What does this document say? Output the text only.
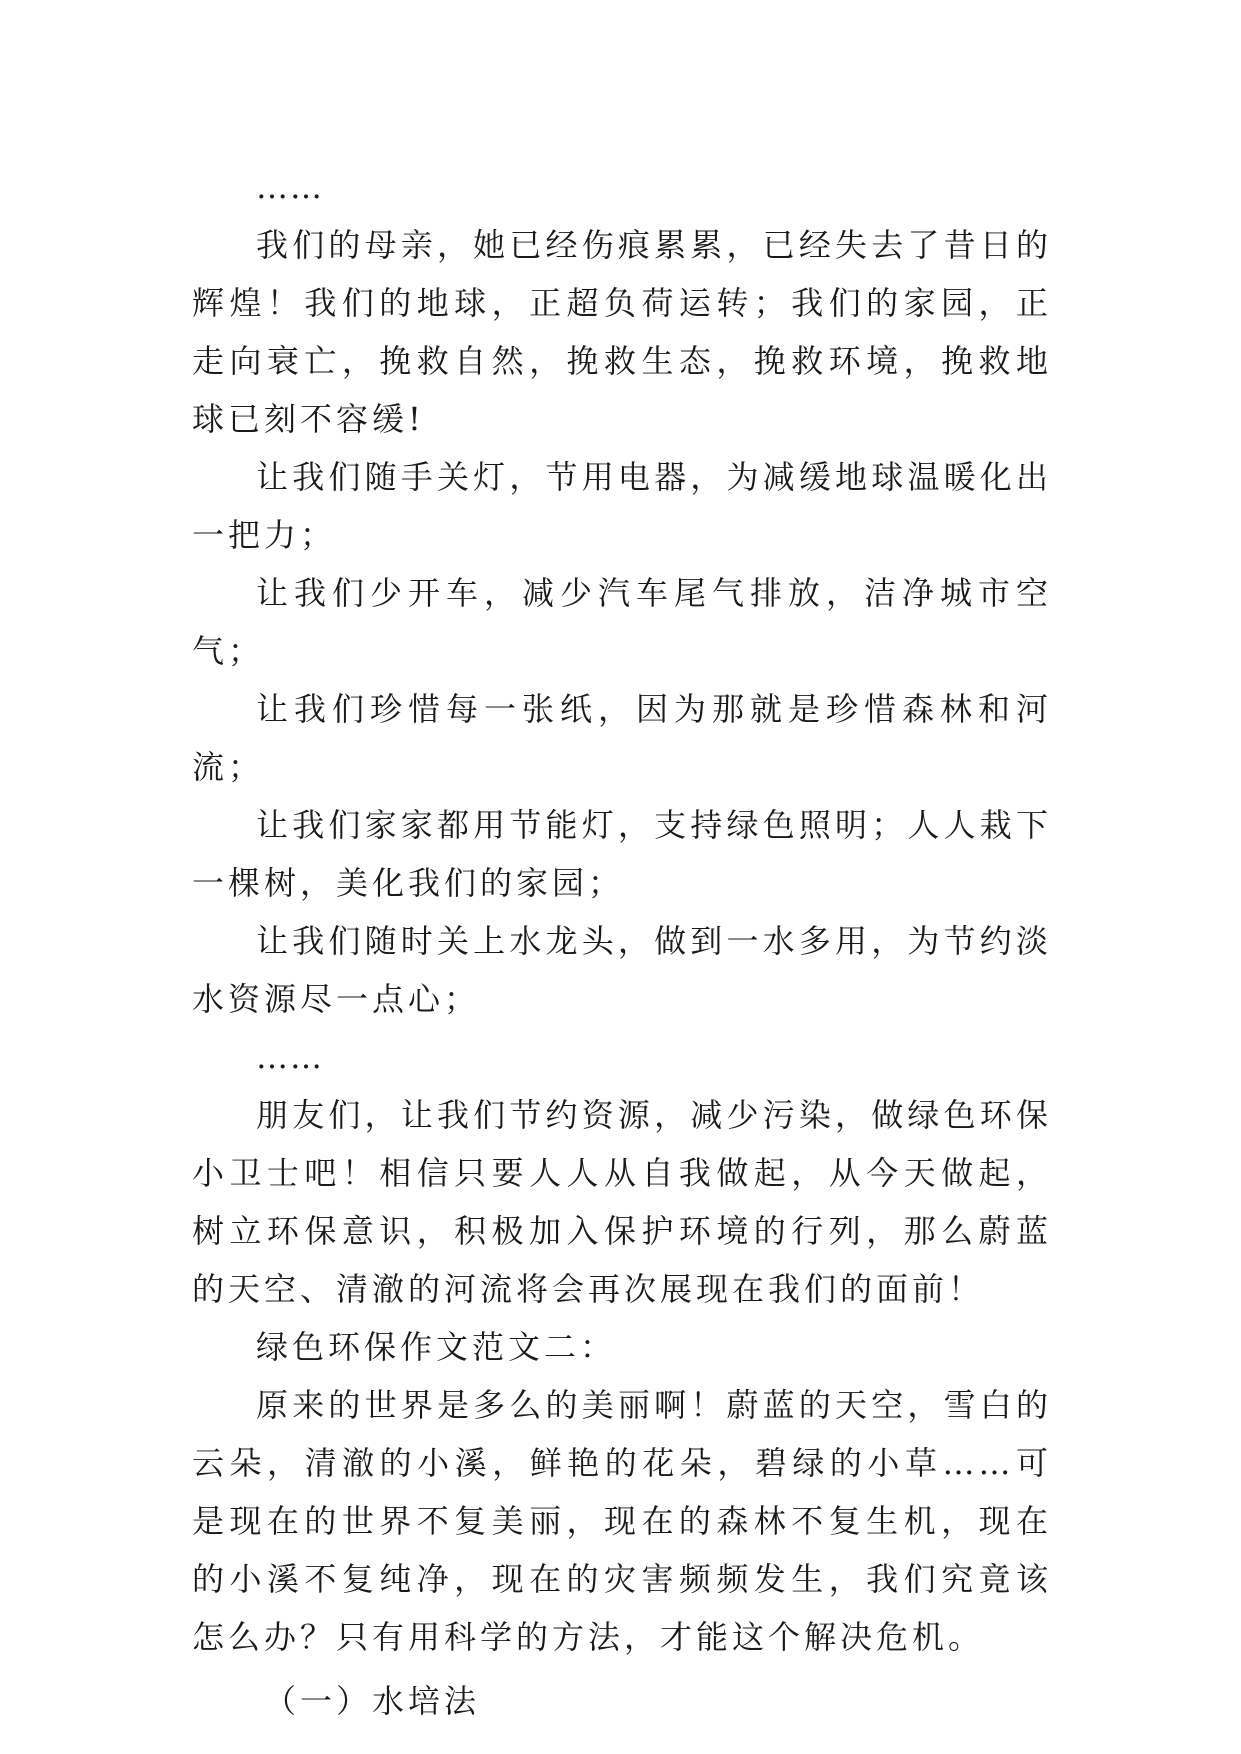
……

我们的母亲，她已经伤痕累累，已经失去了昔日的辉煌！我们的地球，正超负荷运转；我们的家园，正走向衰亡，挽救自然，挽救生态，挽救环境，挽救地球已刻不容缓!

让我们随手关灯，节用电器，为减缓地球温暖化出一把力；

让我们少开车，减少汽车尾气排放，洁净城市空气；

让我们珍惜每一张纸，因为那就是珍惜森林和河流；

让我们家家都用节能灯，支持绿色照明；人人栽下一棵树，美化我们的家园；

让我们随时关上水龙头，做到一水多用，为节约淡水资源尽一点心；

……

朋友们，让我们节约资源，减少污染，做绿色环保小卫士吧！相信只要人人从自我做起，从今天做起，树立环保意识，积极加入保护环境的行列，那么蔚蓝的天空、清澈的河流将会再次展现在我们的面前！

绿色环保作文范文二：

原来的世界是多么的美丽啊！蔚蓝的天空，雪白的云朵，清澈的小溪，鲜艳的花朵，碧绿的小草……可是现在的世界不复美丽，现在的森林不复生机，现在的小溪不复纯净，现在的灾害频频发生，我们究竟该怎么办？只有用科学的方法，才能这个解决危机。

（一）水培法
